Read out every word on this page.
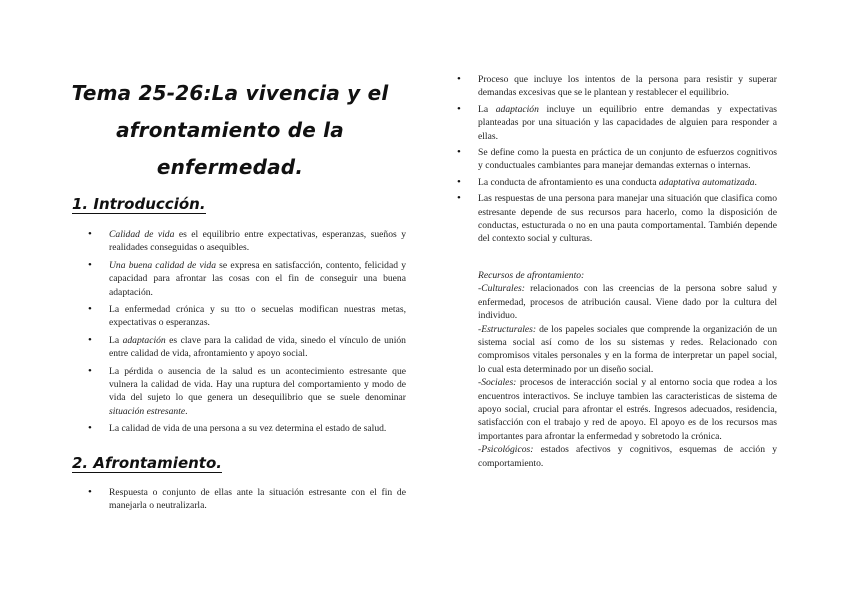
Tema 25-26:La vivencia y el afrontamiento de la enfermedad.
1. Introducción.
• Calidad de vida es el equilibrio entre expectativas, esperanzas, sueños y realidades conseguidas o asequibles.
• Una buena calidad de vida se expresa en satisfacción, contento, felicidad y capacidad para afrontar las cosas con el fin de conseguir una buena adaptación.
• La enfermedad crónica y su tto o secuelas modifican nuestras metas, expectativas o esperanzas.
• La adaptación es clave para la calidad de vida, sinedo el vínculo de unión entre calidad de vida, afrontamiento y apoyo social.
• La pérdida o ausencia de la salud es un acontecimiento estresante que vulnera la calidad de vida. Hay una ruptura del comportamiento y modo de vida del sujeto lo que genera un desequilibrio que se suele denominar situación estresante.
• La calidad de vida de una persona a su vez determina el estado de salud.
2. Afrontamiento.
• Respuesta o conjunto de ellas ante la situación estresante con el fin de manejarla o neutralizarla.
• Proceso que incluye los intentos de la persona para resistir y superar demandas excesivas que se le plantean y restablecer el equilibrio.
• La adaptación incluye un equilibrio entre demandas y expectativas planteadas por una situación y las capacidades de alguien para responder a ellas.
• Se define como la puesta en práctica de un conjunto de esfuerzos cognitivos y conductuales cambiantes para manejar demandas externas o internas.
• La conducta de afrontamiento es una conducta adaptativa automatizada.
• Las respuestas de una persona para manejar una situación que clasifica como estresante depende de sus recursos para hacerlo, como la disposición de conductas, estucturada o no en una pauta comportamental. También depende del contexto social y culturas.
Recursos de afrontamiento:
-Culturales: relacionados con las creencias de la persona sobre salud y enfermedad, procesos de atribución causal. Viene dado por la cultura del individuo.
-Estructurales: de los papeles sociales que comprende la organización de un sistema social así como de los su sistemas y redes. Relacionado con compromisos vitales personales y en la forma de interpretar un papel social, lo cual esta determinado por un diseño social.
-Sociales: procesos de interacción social y al entorno socia que rodea a los encuentros interactivos. Se incluye tambien las caracteristicas de sistema de apoyo social, crucial para afrontar el estrés. Ingresos adecuados, residencia, satisfacción con el trabajo y red de apoyo. El apoyo es de los recursos mas importantes para afrontar la enfermedad y sobretodo la crónica.
-Psicológicos: estados afectivos y cognitivos, esquemas de acción y comportamiento.
